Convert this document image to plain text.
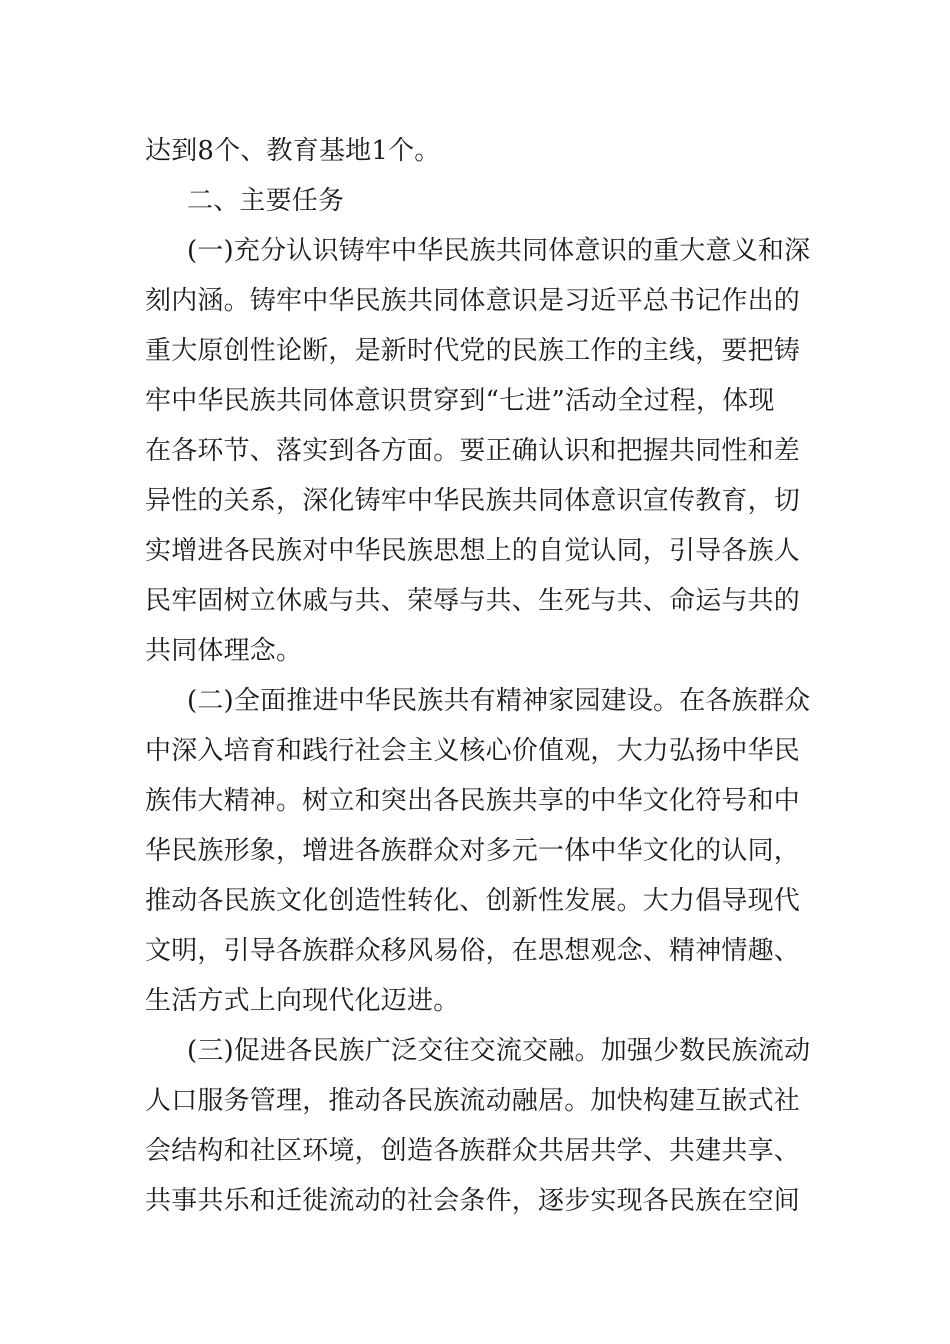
达到8个、教育基地1个。
二、主要任务
(一)充分认识铸牢中华民族共同体意识的重大意义和深
刻内涵。铸牢中华民族共同体意识是习近平总书记作出的
重大原创性论断，是新时代党的民族工作的主线，要把铸
牢中华民族共同体意识贯穿到“七进”活动全过程，体现
在各环节、落实到各方面。要正确认识和把握共同性和差
异性的关系，深化铸牢中华民族共同体意识宣传教育，切
实增进各民族对中华民族思想上的自觉认同，引导各族人
民牢固树立休戚与共、荣辱与共、生死与共、命运与共的
共同体理念。
(二)全面推进中华民族共有精神家园建设。在各族群众
中深入培育和践行社会主义核心价值观，大力弘扬中华民
族伟大精神。树立和突出各民族共享的中华文化符号和中
华民族形象，增进各族群众对多元一体中华文化的认同，
推动各民族文化创造性转化、创新性发展。大力倡导现代
文明，引导各族群众移风易俗，在思想观念、精神情趣、
生活方式上向现代化迈进。
(三)促进各民族广泛交往交流交融。加强少数民族流动
人口服务管理，推动各民族流动融居。加快构建互嵌式社
会结构和社区环境，创造各族群众共居共学、共建共享、
共事共乐和迁徙流动的社会条件，逐步实现各民族在空间
